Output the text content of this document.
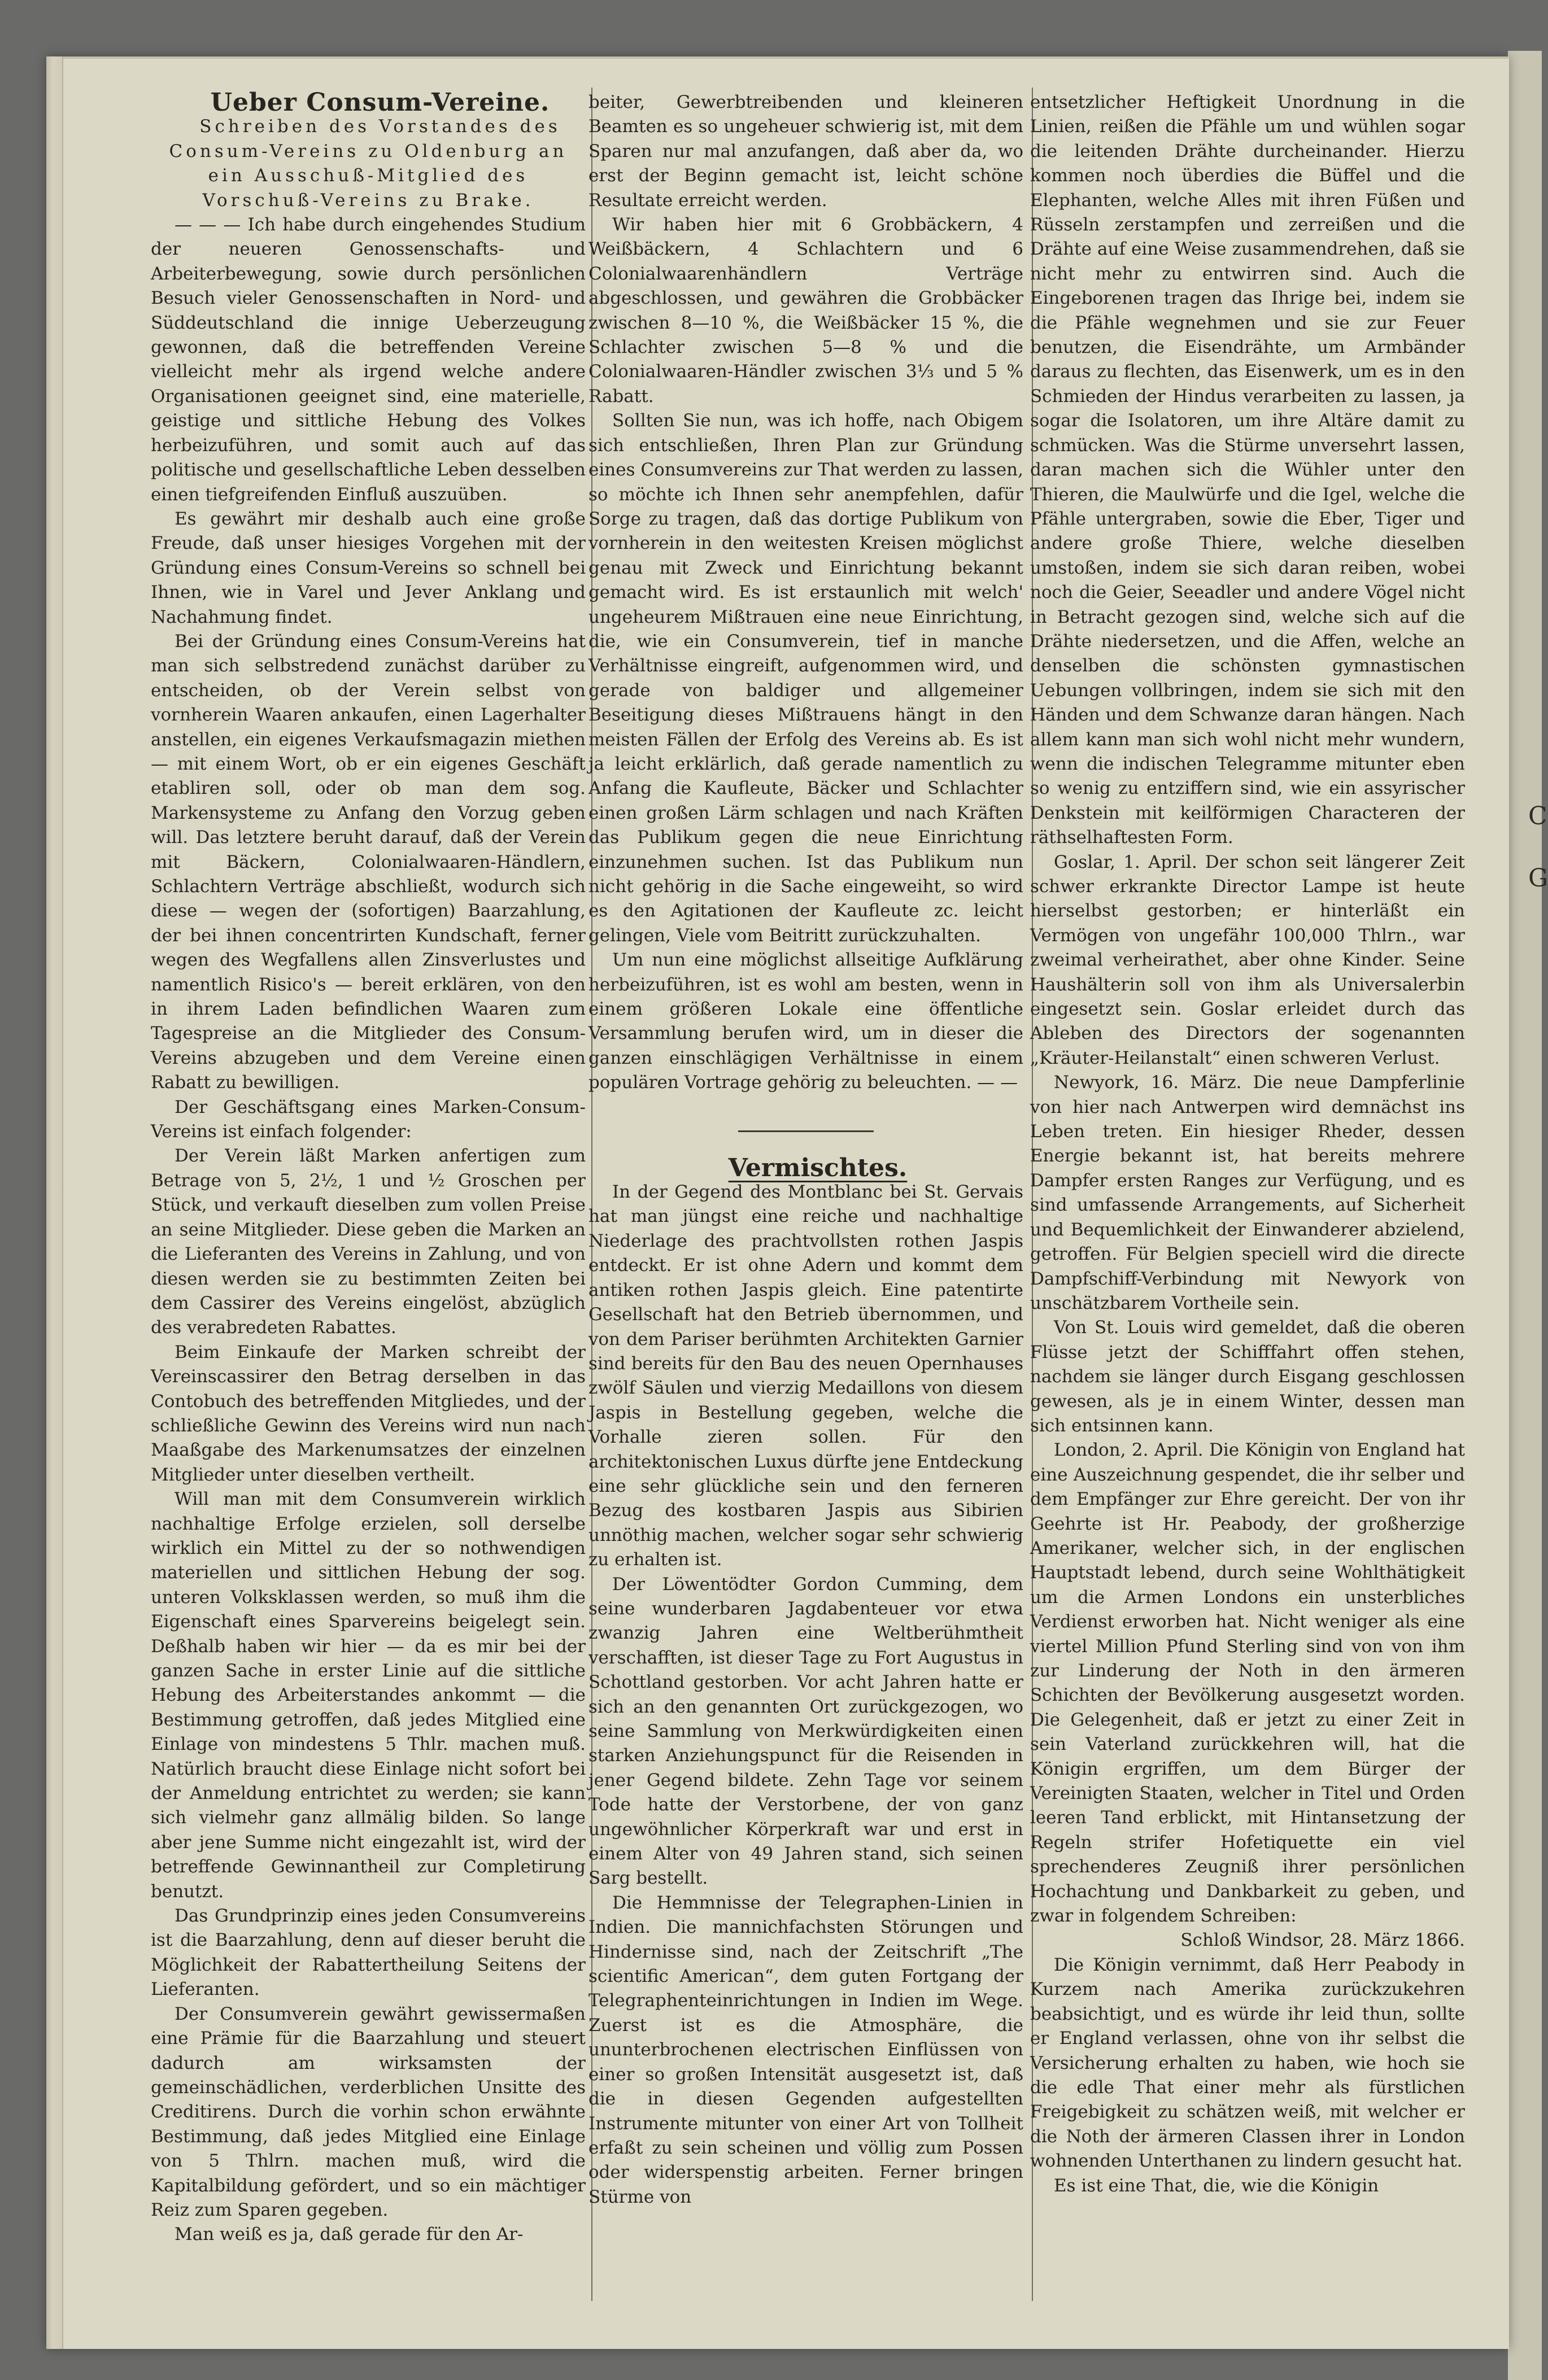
C
G

Ueber Consum-Vereine.

Schreiben des Vorstandes des Consum-Vereins zu Oldenburg an ein Ausschuß-Mitglied des Vorschuß-Vereins zu Brake.

— — — Ich habe durch eingehendes Studium der neueren Genossenschafts- und Arbeiterbewegung, sowie durch persönlichen Besuch vieler Genossenschaften in Nord- und Süddeutschland die innige Ueberzeugung gewonnen, daß die betreffenden Vereine vielleicht mehr als irgend welche andere Organisationen geeignet sind, eine materielle, geistige und sittliche Hebung des Volkes herbeizuführen, und somit auch auf das politische und gesellschaftliche Leben desselben einen tiefgreifenden Einfluß auszuüben.

Es gewährt mir deshalb auch eine große Freude, daß unser hiesiges Vorgehen mit der Gründung eines Consum-Vereins so schnell bei Ihnen, wie in Varel und Jever Anklang und Nachahmung findet.

Bei der Gründung eines Consum-Vereins hat man sich selbstredend zunächst darüber zu entscheiden, ob der Verein selbst von vornherein Waaren ankaufen, einen Lagerhalter anstellen, ein eigenes Verkaufsmagazin miethen — mit einem Wort, ob er ein eigenes Geschäft etabliren soll, oder ob man dem sog. Markensysteme zu Anfang den Vorzug geben will. Das letztere beruht darauf, daß der Verein mit Bäckern, Colonialwaaren-Händlern, Schlachtern Verträge abschließt, wodurch sich diese — wegen der (sofortigen) Baarzahlung, der bei ihnen concentrirten Kundschaft, ferner wegen des Wegfallens allen Zinsverlustes und namentlich Risico's — bereit erklären, von den in ihrem Laden befindlichen Waaren zum Tagespreise an die Mitglieder des Consum-Vereins abzugeben und dem Vereine einen Rabatt zu bewilligen.

Der Geschäftsgang eines Marken-Consum-Vereins ist einfach folgender:

Der Verein läßt Marken anfertigen zum Betrage von 5, 2½, 1 und ½ Groschen per Stück, und verkauft dieselben zum vollen Preise an seine Mitglieder. Diese geben die Marken an die Lieferanten des Vereins in Zahlung, und von diesen werden sie zu bestimmten Zeiten bei dem Cassirer des Vereins eingelöst, abzüglich des verabredeten Rabattes.

Beim Einkaufe der Marken schreibt der Vereinscassirer den Betrag derselben in das Contobuch des betreffenden Mitgliedes, und der schließliche Gewinn des Vereins wird nun nach Maaßgabe des Markenumsatzes der einzelnen Mitglieder unter dieselben vertheilt.

Will man mit dem Consumverein wirklich nachhaltige Erfolge erzielen, soll derselbe wirklich ein Mittel zu der so nothwendigen materiellen und sittlichen Hebung der sog. unteren Volksklassen werden, so muß ihm die Eigenschaft eines Sparvereins beigelegt sein. Deßhalb haben wir hier — da es mir bei der ganzen Sache in erster Linie auf die sittliche Hebung des Arbeiterstandes ankommt — die Bestimmung getroffen, daß jedes Mitglied eine Einlage von mindestens 5 Thlr. machen muß. Natürlich braucht diese Einlage nicht sofort bei der Anmeldung entrichtet zu werden; sie kann sich vielmehr ganz allmälig bilden. So lange aber jene Summe nicht eingezahlt ist, wird der betreffende Gewinnantheil zur Completirung benutzt.

Das Grundprinzip eines jeden Consumvereins ist die Baarzahlung, denn auf dieser beruht die Möglichkeit der Rabattertheilung Seitens der Lieferanten.

Der Consumverein gewährt gewissermaßen eine Prämie für die Baarzahlung und steuert dadurch am wirksamsten der gemeinschädlichen, verderblichen Unsitte des Creditirens. Durch die vorhin schon erwähnte Bestimmung, daß jedes Mitglied eine Einlage von 5 Thlrn. machen muß, wird die Kapitalbildung gefördert, und so ein mächtiger Reiz zum Sparen gegeben.

Man weiß es ja, daß gerade für den Ar-

beiter, Gewerbtreibenden und kleineren Beamten es so ungeheuer schwierig ist, mit dem Sparen nur mal anzufangen, daß aber da, wo erst der Beginn gemacht ist, leicht schöne Resultate erreicht werden.

Wir haben hier mit 6 Grobbäckern, 4 Weißbäckern, 4 Schlachtern und 6 Colonialwaarenhändlern Verträge abgeschlossen, und gewähren die Grobbäcker zwischen 8—10 %, die Weißbäcker 15 %, die Schlachter zwischen 5—8 % und die Colonialwaaren-Händler zwischen 3⅓ und 5 % Rabatt.

Sollten Sie nun, was ich hoffe, nach Obigem sich entschließen, Ihren Plan zur Gründung eines Consumvereins zur That werden zu lassen, so möchte ich Ihnen sehr anempfehlen, dafür Sorge zu tragen, daß das dortige Publikum von vornherein in den weitesten Kreisen möglichst genau mit Zweck und Einrichtung bekannt gemacht wird. Es ist erstaunlich mit welch' ungeheurem Mißtrauen eine neue Einrichtung, die, wie ein Consumverein, tief in manche Verhältnisse eingreift, aufgenommen wird, und gerade von baldiger und allgemeiner Beseitigung dieses Mißtrauens hängt in den meisten Fällen der Erfolg des Vereins ab. Es ist ja leicht erklärlich, daß gerade namentlich zu Anfang die Kaufleute, Bäcker und Schlachter einen großen Lärm schlagen und nach Kräften das Publikum gegen die neue Einrichtung einzunehmen suchen. Ist das Publikum nun nicht gehörig in die Sache eingeweiht, so wird es den Agitationen der Kaufleute zc. leicht gelingen, Viele vom Beitritt zurückzuhalten.

Um nun eine möglichst allseitige Aufklärung herbeizuführen, ist es wohl am besten, wenn in einem größeren Lokale eine öffentliche Versammlung berufen wird, um in dieser die ganzen einschlägigen Verhältnisse in einem populären Vortrage gehörig zu beleuchten. — —

Vermischtes.

In der Gegend des Montblanc bei St. Gervais hat man jüngst eine reiche und nachhaltige Niederlage des prachtvollsten rothen Jaspis entdeckt. Er ist ohne Adern und kommt dem antiken rothen Jaspis gleich. Eine patentirte Gesellschaft hat den Betrieb übernommen, und von dem Pariser berühmten Architekten Garnier sind bereits für den Bau des neuen Opernhauses zwölf Säulen und vierzig Medaillons von diesem Jaspis in Bestellung gegeben, welche die Vorhalle zieren sollen. Für den architektonischen Luxus dürfte jene Entdeckung eine sehr glückliche sein und den ferneren Bezug des kostbaren Jaspis aus Sibirien unnöthig machen, welcher sogar sehr schwierig zu erhalten ist.

Der Löwentödter Gordon Cumming, dem seine wunderbaren Jagdabenteuer vor etwa zwanzig Jahren eine Weltberühmtheit verschafften, ist dieser Tage zu Fort Augustus in Schottland gestorben. Vor acht Jahren hatte er sich an den genannten Ort zurückgezogen, wo seine Sammlung von Merkwürdigkeiten einen starken Anziehungspunct für die Reisenden in jener Gegend bildete. Zehn Tage vor seinem Tode hatte der Verstorbene, der von ganz ungewöhnlicher Körperkraft war und erst in einem Alter von 49 Jahren stand, sich seinen Sarg bestellt.

Die Hemmnisse der Telegraphen-Linien in Indien. Die mannichfachsten Störungen und Hindernisse sind, nach der Zeitschrift „The scientific American“, dem guten Fortgang der Telegraphenteinrichtungen in Indien im Wege. Zuerst ist es die Atmosphäre, die ununterbrochenen electrischen Einflüssen von einer so großen Intensität ausgesetzt ist, daß die in diesen Gegenden aufgestellten Instrumente mitunter von einer Art von Tollheit erfaßt zu sein scheinen und völlig zum Possen oder widerspenstig arbeiten. Ferner bringen Stürme von

entsetzlicher Heftigkeit Unordnung in die Linien, reißen die Pfähle um und wühlen sogar die leitenden Drähte durcheinander. Hierzu kommen noch überdies die Büffel und die Elephanten, welche Alles mit ihren Füßen und Rüsseln zerstampfen und zerreißen und die Drähte auf eine Weise zusammendrehen, daß sie nicht mehr zu entwirren sind. Auch die Eingeborenen tragen das Ihrige bei, indem sie die Pfähle wegnehmen und sie zur Feuer benutzen, die Eisendrähte, um Armbänder daraus zu flechten, das Eisenwerk, um es in den Schmieden der Hindus verarbeiten zu lassen, ja sogar die Isolatoren, um ihre Altäre damit zu schmücken. Was die Stürme unversehrt lassen, daran machen sich die Wühler unter den Thieren, die Maulwürfe und die Igel, welche die Pfähle untergraben, sowie die Eber, Tiger und andere große Thiere, welche dieselben umstoßen, indem sie sich daran reiben, wobei noch die Geier, Seeadler und andere Vögel nicht in Betracht gezogen sind, welche sich auf die Drähte niedersetzen, und die Affen, welche an denselben die schönsten gymnastischen Uebungen vollbringen, indem sie sich mit den Händen und dem Schwanze daran hängen. Nach allem kann man sich wohl nicht mehr wundern, wenn die indischen Telegramme mitunter eben so wenig zu entziffern sind, wie ein assyrischer Denkstein mit keilförmigen Characteren der räthselhaftesten Form.

Goslar, 1. April. Der schon seit längerer Zeit schwer erkrankte Director Lampe ist heute hierselbst gestorben; er hinterläßt ein Vermögen von ungefähr 100,000 Thlrn., war zweimal verheirathet, aber ohne Kinder. Seine Haushälterin soll von ihm als Universalerbin eingesetzt sein. Goslar erleidet durch das Ableben des Directors der sogenannten „Kräuter-Heilanstalt“ einen schweren Verlust.

Newyork, 16. März. Die neue Dampferlinie von hier nach Antwerpen wird demnächst ins Leben treten. Ein hiesiger Rheder, dessen Energie bekannt ist, hat bereits mehrere Dampfer ersten Ranges zur Verfügung, und es sind umfassende Arrangements, auf Sicherheit und Bequemlichkeit der Einwanderer abzielend, getroffen. Für Belgien speciell wird die directe Dampfschiff-Verbindung mit Newyork von unschätzbarem Vortheile sein.

Von St. Louis wird gemeldet, daß die oberen Flüsse jetzt der Schifffahrt offen stehen, nachdem sie länger durch Eisgang geschlossen gewesen, als je in einem Winter, dessen man sich entsinnen kann.

London, 2. April. Die Königin von England hat eine Auszeichnung gespendet, die ihr selber und dem Empfänger zur Ehre gereicht. Der von ihr Geehrte ist Hr. Peabody, der großherzige Amerikaner, welcher sich, in der englischen Hauptstadt lebend, durch seine Wohlthätigkeit um die Armen Londons ein unsterbliches Verdienst erworben hat. Nicht weniger als eine viertel Million Pfund Sterling sind von von ihm zur Linderung der Noth in den ärmeren Schichten der Bevölkerung ausgesetzt worden. Die Gelegenheit, daß er jetzt zu einer Zeit in sein Vaterland zurückkehren will, hat die Königin ergriffen, um dem Bürger der Vereinigten Staaten, welcher in Titel und Orden leeren Tand erblickt, mit Hintansetzung der Regeln strifer Hofetiquette ein viel sprechenderes Zeugniß ihrer persönlichen Hochachtung und Dankbarkeit zu geben, und zwar in folgendem Schreiben:

Schloß Windsor, 28. März 1866.

Die Königin vernimmt, daß Herr Peabody in Kurzem nach Amerika zurückzukehren beabsichtigt, und es würde ihr leid thun, sollte er England verlassen, ohne von ihr selbst die Versicherung erhalten zu haben, wie hoch sie die edle That einer mehr als fürstlichen Freigebigkeit zu schätzen weiß, mit welcher er die Noth der ärmeren Classen ihrer in London wohnenden Unterthanen zu lindern gesucht hat.

Es ist eine That, die, wie die Königin
